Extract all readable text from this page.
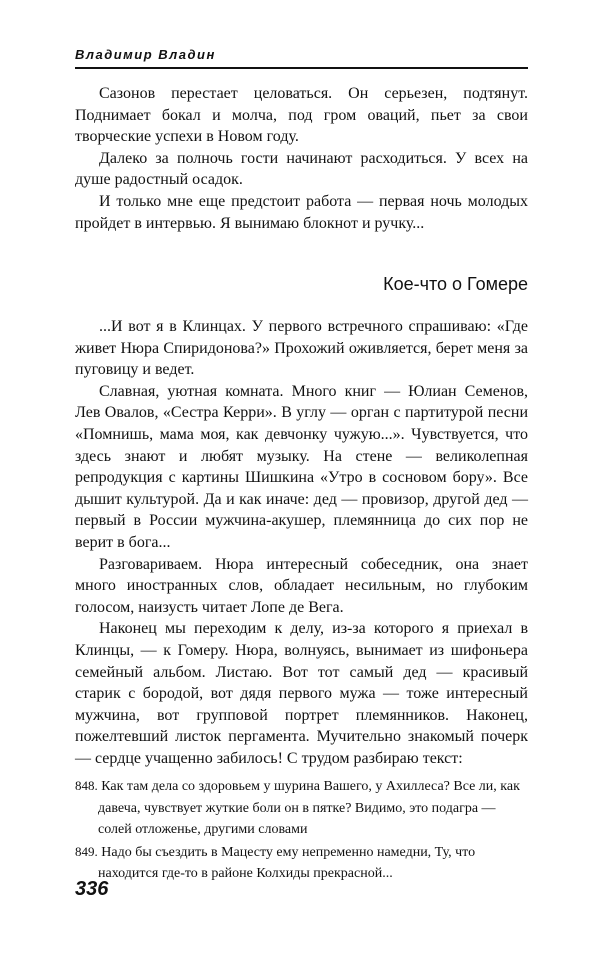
Владимир Владин

Сазонов перестает целоваться. Он серьезен, подтянут. Поднимает бокал и молча, под гром оваций, пьет за свои творческие успехи в Новом году.

Далеко за полночь гости начинают расходиться. У всех на душе радостный осадок.

И только мне еще предстоит работа — первая ночь молодых пройдет в интервью. Я вынимаю блокнот и ручку...

Кое-что о Гомере

...И вот я в Клинцах. У первого встречного спрашиваю: «Где живет Нюра Спиридонова?» Прохожий оживляется, берет меня за пуговицу и ведет.

Славная, уютная комната. Много книг — Юлиан Семенов, Лев Овалов, «Сестра Керри». В углу — орган с партитурой песни «Помнишь, мама моя, как девчонку чужую...». Чувствуется, что здесь знают и любят музыку. На стене — великолепная репродукция с картины Шишкина «Утро в сосновом бору». Все дышит культурой. Да и как иначе: дед — провизор, другой дед — первый в России мужчина-акушер, племянница до сих пор не верит в бога...

Разговариваем. Нюра интересный собеседник, она знает много иностранных слов, обладает несильным, но глубоким голосом, наизусть читает Лопе де Вега.

Наконец мы переходим к делу, из-за которого я приехал в Клинцы, — к Гомеру. Нюра, волнуясь, вынимает из шифоньера семейный альбом. Листаю. Вот тот самый дед — красивый старик с бородой, вот дядя первого мужа — тоже интересный мужчина, вот групповой портрет племянников. Наконец, пожелтевший листок пергамента. Мучительно знакомый почерк — сердце учащенно забилось! С трудом разбираю текст:

848. Как там дела со здоровьем у шурина Вашего, у Ахиллеса? Все ли, как давеча, чувствует жуткие боли он в пятке? Видимо, это подагра — солей отложенье, другими словами
849. Надо бы съездить в Мацесту ему непременно намедни, Ту, что находится где-то в районе Колхиды прекрасной...
336
